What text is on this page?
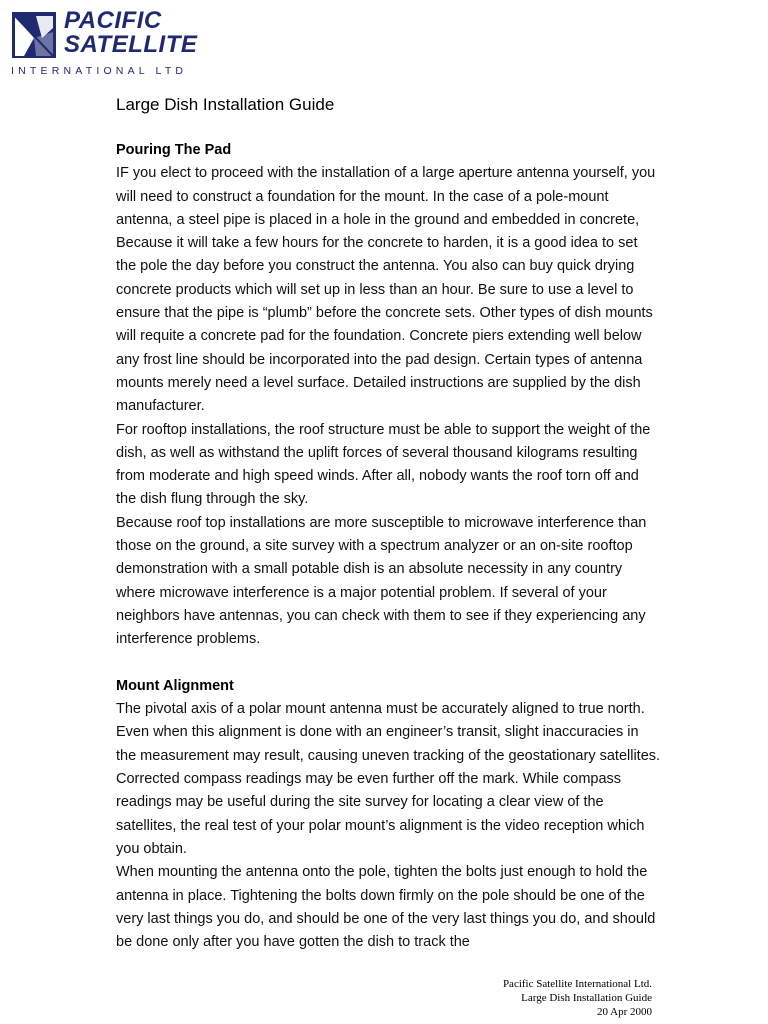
PACIFIC
SATELLITE
INTERNATIONAL LTD
Large Dish Installation Guide
Pouring The Pad

IF you elect to proceed with the installation of a large aperture antenna yourself, you will need to construct a foundation for the mount. In the case of a pole-mount antenna, a steel pipe is placed in a hole in the ground and embedded in concrete, Because it will take a few hours for the concrete to harden, it is a good idea to set the pole the day before you construct the antenna. You also can buy quick drying concrete products which will set up in less than an hour. Be sure to use a level to ensure that the pipe is “plumb” before the concrete sets. Other types of dish mounts will requite a concrete pad for the foundation. Concrete piers extending well below any frost line should be incorporated into the pad design. Certain types of antenna mounts merely need a level surface. Detailed instructions are supplied by the dish manufacturer.

For rooftop installations, the roof structure must be able to support the weight of the dish, as well as withstand the uplift forces of several thousand kilograms resulting from moderate and high speed winds. After all, nobody wants the roof torn off and the dish flung through the sky.

Because roof top installations are more susceptible to microwave interference than those on the ground, a site survey with a spectrum analyzer or an on-site rooftop demonstration with a small potable dish is an absolute necessity in any country where microwave interference is a major potential problem. If several of your neighbors have antennas, you can check with them to see if they experiencing any interference problems.

Mount Alignment

The pivotal axis of a polar mount antenna must be accurately aligned to true north. Even when this alignment is done with an engineer’s transit, slight inaccuracies in the measurement may result, causing uneven tracking of the geostationary satellites. Corrected compass readings may be even further off the mark. While compass readings may be useful during the site survey for locating a clear view of the satellites, the real test of your polar mount’s alignment is the video reception which you obtain.

When mounting the antenna onto the pole, tighten the bolts just enough to hold the antenna in place. Tightening the bolts down firmly on the pole should be one of the very last things you do, and should be one of the very last things you do, and should be done only after you have gotten the dish to track the

Pacific Satellite International Ltd.
Large Dish Installation Guide
20 Apr 2000
